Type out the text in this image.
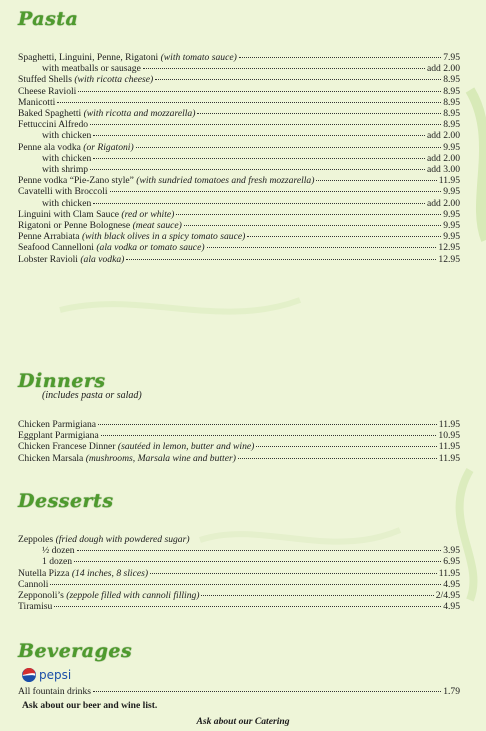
Pasta
Spaghetti, Linguini, Penne, Rigatoni (with tomato sauce)	7.95
with meatballs or sausage	add 2.00
Stuffed Shells (with ricotta cheese)	8.95
Cheese Ravioli	8.95
Manicotti	8.95
Baked Spaghetti (with ricotta and mozzarella)	8.95
Fettuccini Alfredo	8.95
with chicken	add 2.00
Penne ala vodka (or Rigatoni)	9.95
with chicken	add 2.00
with shrimp	add 3.00
Penne vodka “Pie-Zano style” (with sundried tomatoes and fresh mozzarella)	11.95
Cavatelli with Broccoli	9.95
with chicken	add 2.00
Linguini with Clam Sauce (red or white)	9.95
Rigatoni or Penne Bolognese (meat sauce)	9.95
Penne Arrabiata (with black olives in a spicy tomato sauce)	9.95
Seafood Cannelloni (ala vodka or tomato sauce)	12.95
Lobster Ravioli (ala vodka)	12.95
Dinners
(includes pasta or salad)
Chicken Parmigiana	11.95
Eggplant Parmigiana	10.95
Chicken Francese Dinner (sautéed in lemon, butter and wine)	11.95
Chicken Marsala (mushrooms, Marsala wine and butter)	11.95
Desserts
Zeppoles (fried dough with powdered sugar)
½ dozen	3.95
1 dozen	6.95
Nutella Pizza (14 inches, 8 slices)	11.95
Cannoli	4.95
Zepponoli’s (zeppole filled with cannoli filling)	2/4.95
Tiramisu	4.95
Beverages
pepsi
All fountain drinks	1.79
Ask about our beer and wine list.
Ask about our Catering
